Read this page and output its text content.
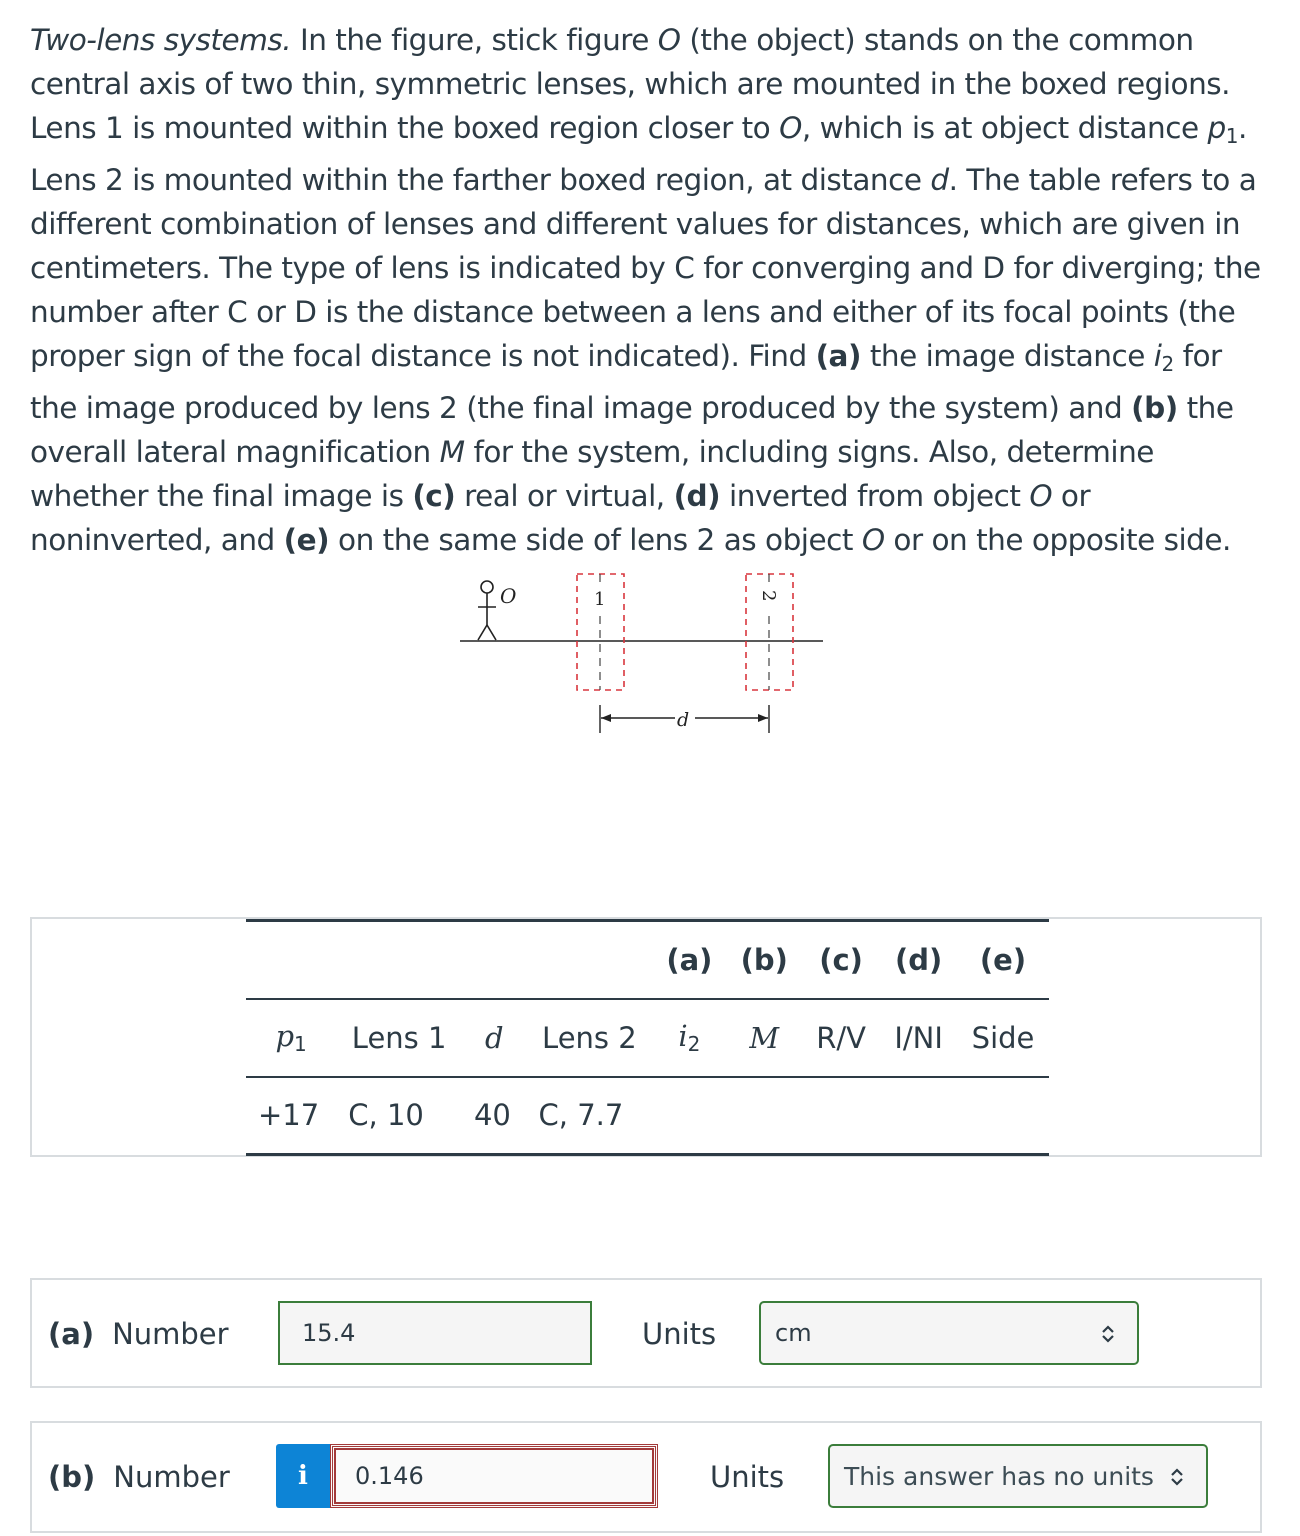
Two-lens systems. In the figure, stick figure O (the object) stands on the common central axis of two thin, symmetric lenses, which are mounted in the boxed regions. Lens 1 is mounted within the boxed region closer to O, which is at object distance $p_1$. Lens 2 is mounted within the farther boxed region, at distance d. The table refers to a different combination of lenses and different values for distances, which are given in centimeters. The type of lens is indicated by C for converging and D for diverging; the number after C or D is the distance between a lens and either of its focal points (the proper sign of the focal distance is not indicated). Find (a) the image distance $i_2$ for the image produced by lens 2 (the final image produced by the system) and (b) the overall lateral magnification M for the system, including signs. Also, determine whether the final image is (c) real or virtual, (d) inverted from object O or noninverted, and (e) on the same side of lens 2 as object O or on the opposite side.
O	1	2
d
				(a)	(b)	(c)	(d)	(e)
$p_1$	Lens 1	d	Lens 2	$i_2$	M	R/V	I/NI	Side
+17	C, 10	40	C, 7.7					
(a) Number	15.4	Units cm
(b) Number	i	0.146	Units This answer has no units
